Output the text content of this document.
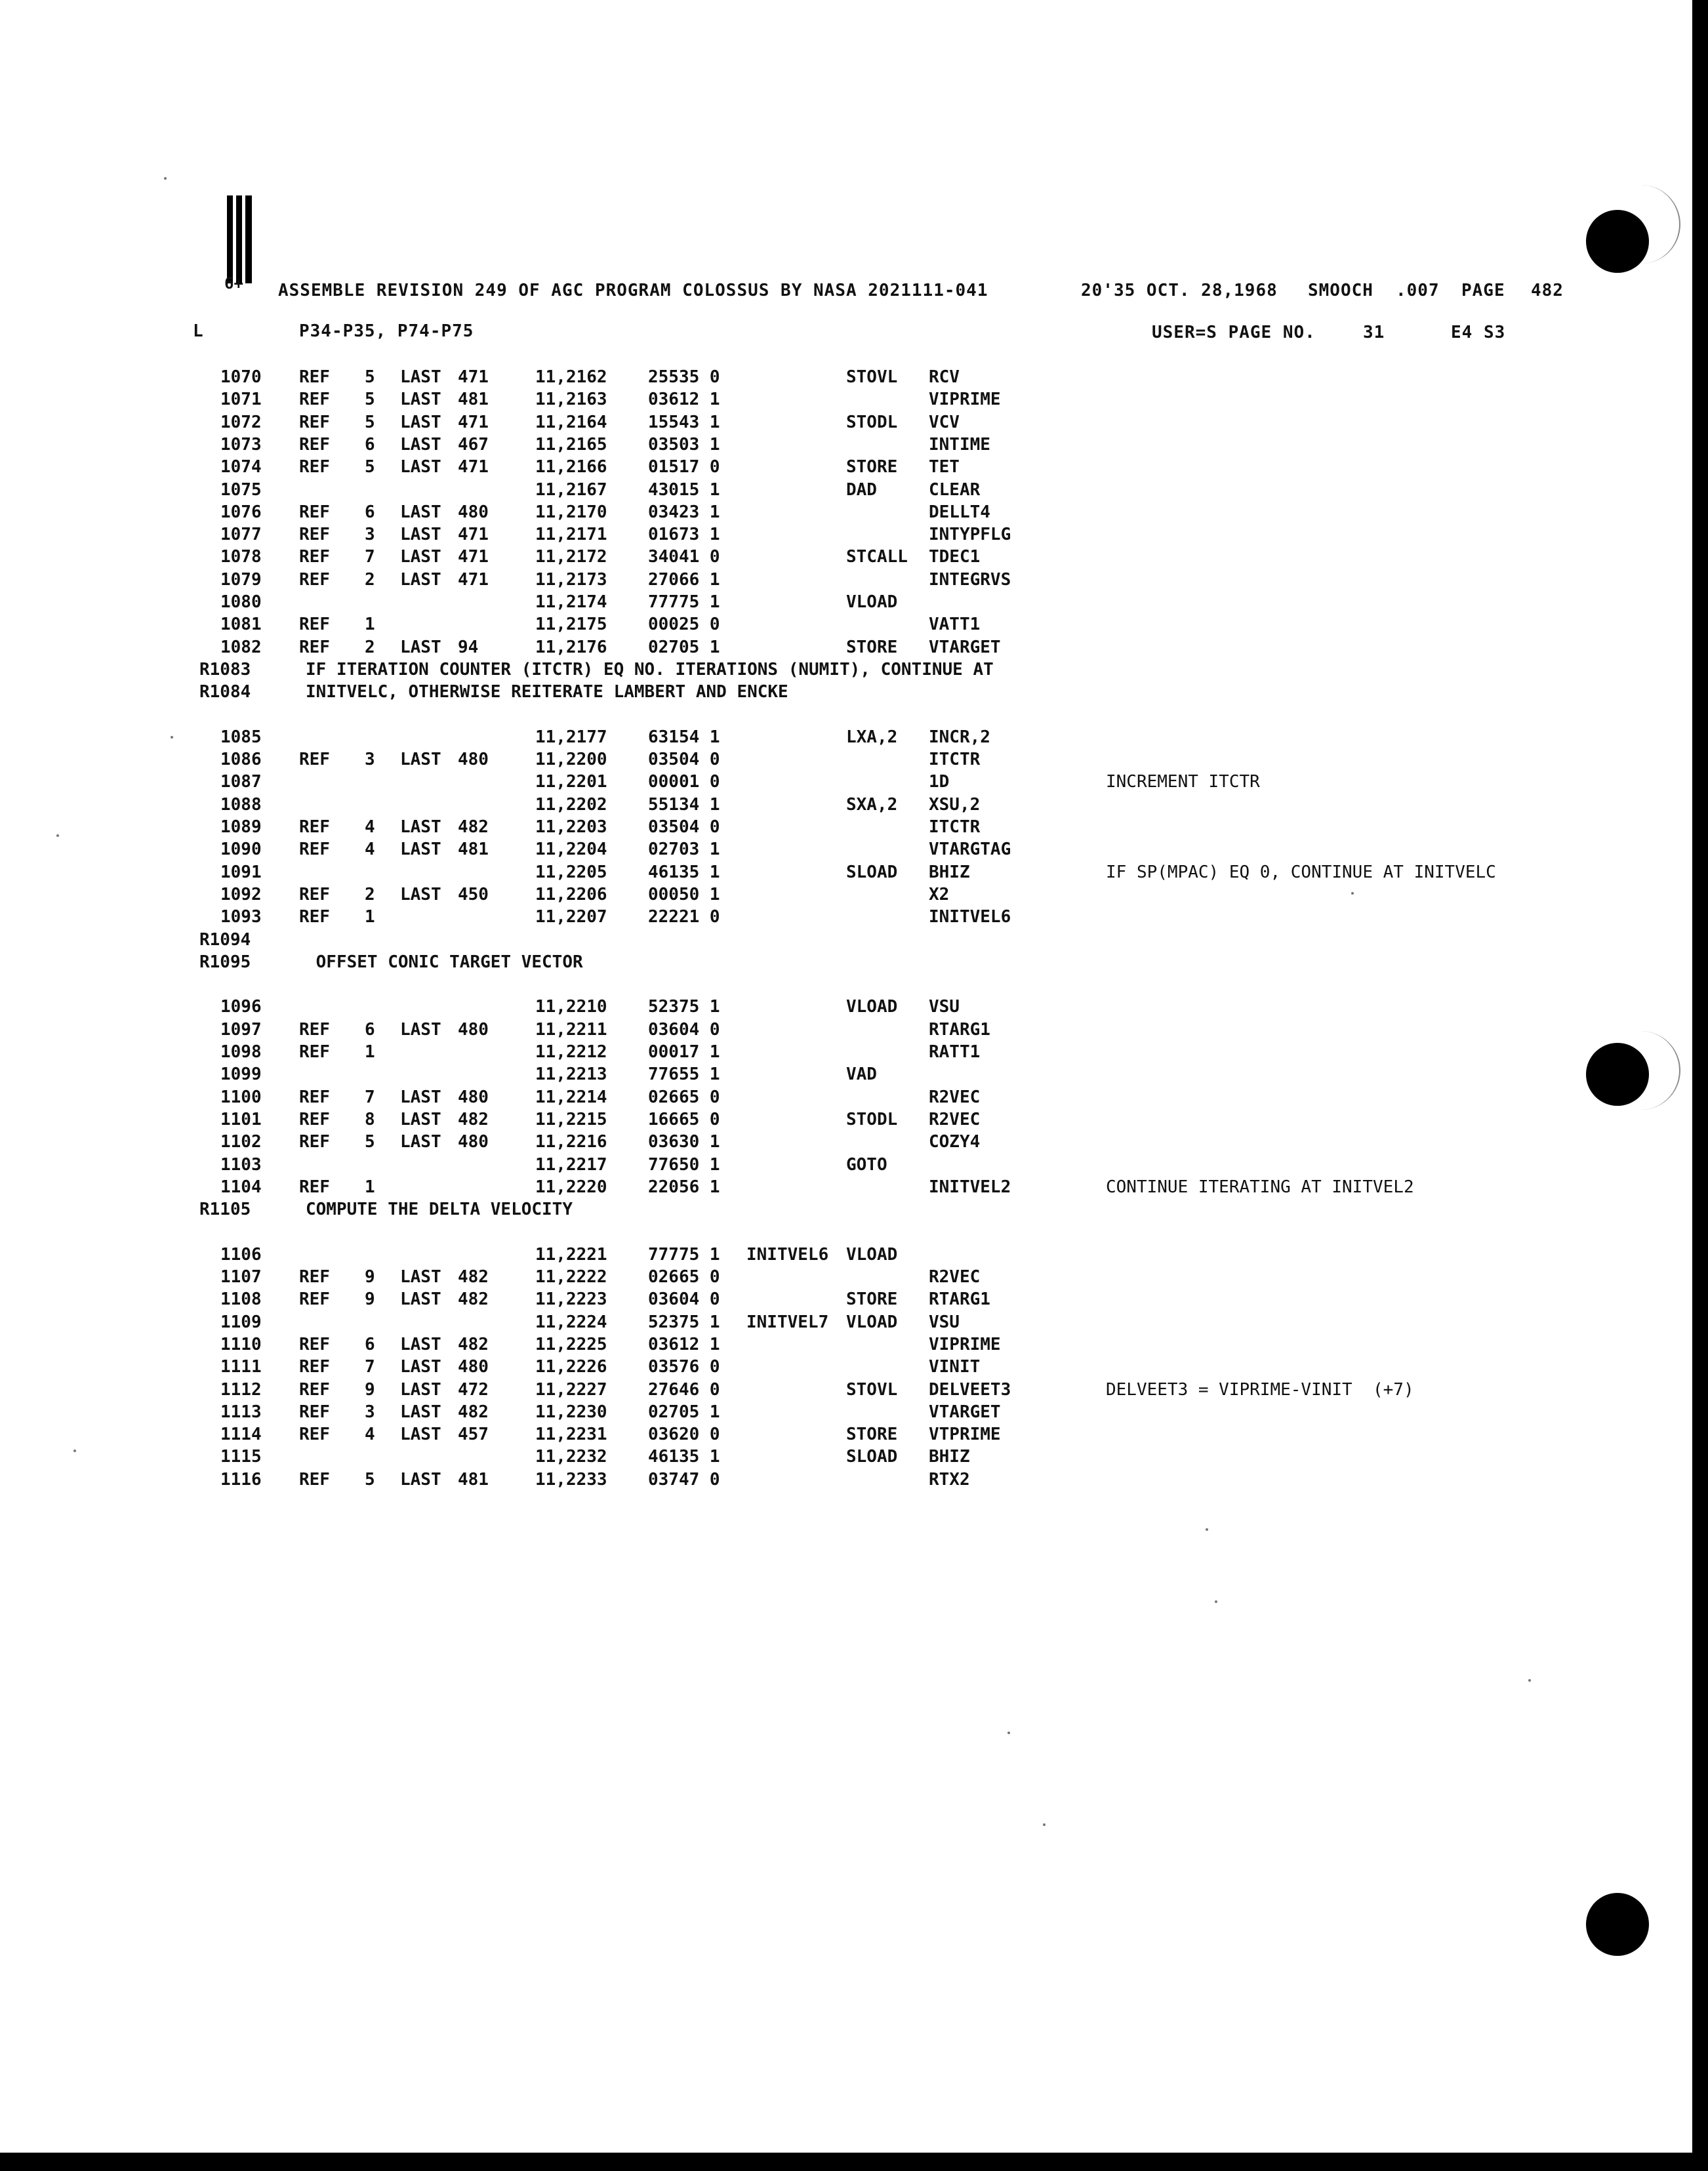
6+ ASSEMBLE REVISION 249 OF AGC PROGRAM COLOSSUS BY NASA 2021111-041	20'35 OCT. 28,1968 SMOOCH .007 PAGE 482
L	P34-P35, P74-P75	USER=S PAGE NO.	31	E4 S3
1070 REF 5 LAST 471	11,2162 25535 0	STOVL RCV
1071 REF 5 LAST 481	11,2163 03612 1	VIPRIME
1072 REF 5 LAST 471	11,2164 15543 1	STODL VCV
1073 REF 6 LAST 467	11,2165 03503 1	INTIME
1074 REF 5 LAST 471	11,2166 01517 0	STORE TET
1075	11,2167 43015 1	DAD	CLEAR
1076 REF 6 LAST 480	11,2170 03423 1	DELLT4
1077 REF 3 LAST 471	11,2171 01673 1	INTYPFLG
1078 REF 7 LAST 471	11,2172 34041 0	STCALL TDEC1
1079 REF 2 LAST 471	11,2173 27066 1	INTEGRVS
1080	11,2174 77775 1	VLOAD
1081 REF 1	11,2175 00025 0	VATT1
1082 REF 2 LAST 94	11,2176 02705 1	STORE VTARGET
R1083	IF ITERATION COUNTER (ITCTR) EQ NO. ITERATIONS (NUMIT), CONTINUE AT
R1084	INITVELC, OTHERWISE REITERATE LAMBERT AND ENCKE
1085	11,2177 63154 1	LXA,2 INCR,2
1086 REF 3 LAST 480	11,2200 03504 0	ITCTR
1087	11,2201 00001 0	1D	INCREMENT ITCTR
1088	11,2202 55134 1	SXA,2 XSU,2
1089 REF 4 LAST 482	11,2203 03504 0	ITCTR
1090 REF 4 LAST 481	11,2204 02703 1	VTARGTAG
1091	11,2205 46135 1	SLOAD BHIZ	IF SP(MPAC) EQ 0, CONTINUE AT INITVELC
1092 REF 2 LAST 450	11,2206 00050 1	X2
1093 REF 1	11,2207 22221 0	INITVEL6
R1094
R1095	OFFSET CONIC TARGET VECTOR
1096	11,2210 52375 1	VLOAD VSU
1097 REF 6 LAST 480	11,2211 03604 0	RTARG1
1098 REF 1	11,2212 00017 1	RATT1
1099	11,2213 77655 1	VAD
1100 REF 7 LAST 480	11,2214 02665 0	R2VEC
1101 REF 8 LAST 482	11,2215 16665 0	STODL R2VEC
1102 REF 5 LAST 480	11,2216 03630 1	COZY4
1103	11,2217 77650 1	GOTO
1104 REF 1	11,2220 22056 1	INITVEL2	CONTINUE ITERATING AT INITVEL2
R1105	COMPUTE THE DELTA VELOCITY
1106	11,2221 77775 1 INITVEL6 VLOAD
1107 REF 9 LAST 482	11,2222 02665 0	R2VEC
1108 REF 9 LAST 482	11,2223 03604 0	STORE RTARG1
1109	11,2224 52375 1 INITVEL7 VLOAD VSU
1110 REF 6 LAST 482	11,2225 03612 1	VIPRIME
1111 REF 7 LAST 480	11,2226 03576 0	VINIT
1112 REF 9 LAST 472	11,2227 27646 0	STOVL DELVEET3	DELVEET3 = VIPRIME-VINIT  (+7)
1113 REF 3 LAST 482	11,2230 02705 1	VTARGET
1114 REF 4 LAST 457	11,2231 03620 0	STORE VTPRIME
1115	11,2232 46135 1	SLOAD BHIZ
1116 REF 5 LAST 481	11,2233 03747 0	RTX2
